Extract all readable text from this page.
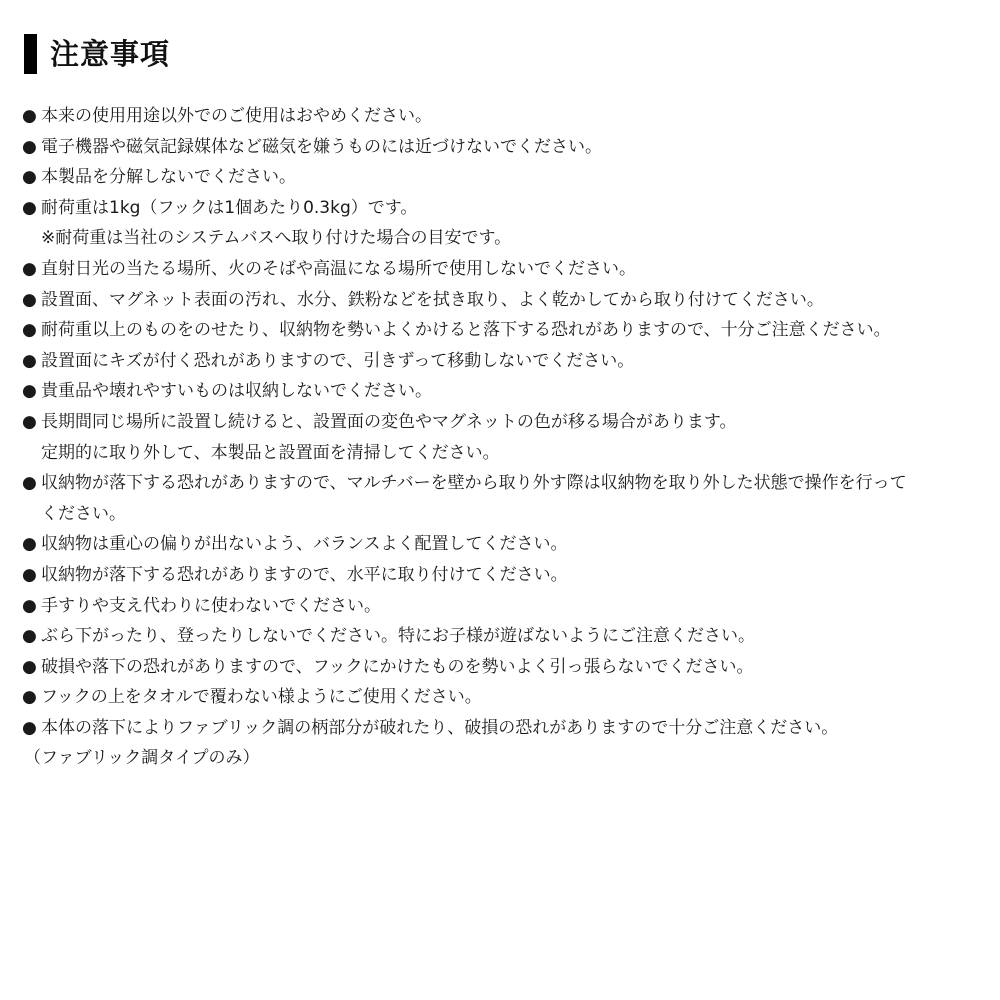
注意事項
● 本来の使用用途以外でのご使用はおやめください。
● 電子機器や磁気記録媒体など磁気を嫌うものには近づけないでください。
● 本製品を分解しないでください。
● 耐荷重は1kg（フックは1個あたり0.3kg）です。
※耐荷重は当社のシステムバスへ取り付けた場合の目安です。
● 直射日光の当たる場所、火のそばや高温になる場所で使用しないでください。
● 設置面、マグネット表面の汚れ、水分、鉄粉などを拭き取り、よく乾かしてから取り付けてください。
● 耐荷重以上のものをのせたり、収納物を勢いよくかけると落下する恐れがありますので、十分ご注意ください。
● 設置面にキズが付く恐れがありますので、引きずって移動しないでください。
● 貴重品や壊れやすいものは収納しないでください。
● 長期間同じ場所に設置し続けると、設置面の変色やマグネットの色が移る場合があります。
定期的に取り外して、本製品と設置面を清掃してください。
● 収納物が落下する恐れがありますので、マルチバーを壁から取り外す際は収納物を取り外した状態で操作を行って
ください。
● 収納物は重心の偏りが出ないよう、バランスよく配置してください。
● 収納物が落下する恐れがありますので、水平に取り付けてください。
● 手すりや支え代わりに使わないでください。
● ぶら下がったり、登ったりしないでください。特にお子様が遊ばないようにご注意ください。
● 破損や落下の恐れがありますので、フックにかけたものを勢いよく引っ張らないでください。
● フックの上をタオルで覆わない様ようにご使用ください。
● 本体の落下によりファブリック調の柄部分が破れたり、破損の恐れがありますので十分ご注意ください。
（ファブリック調タイプのみ）
